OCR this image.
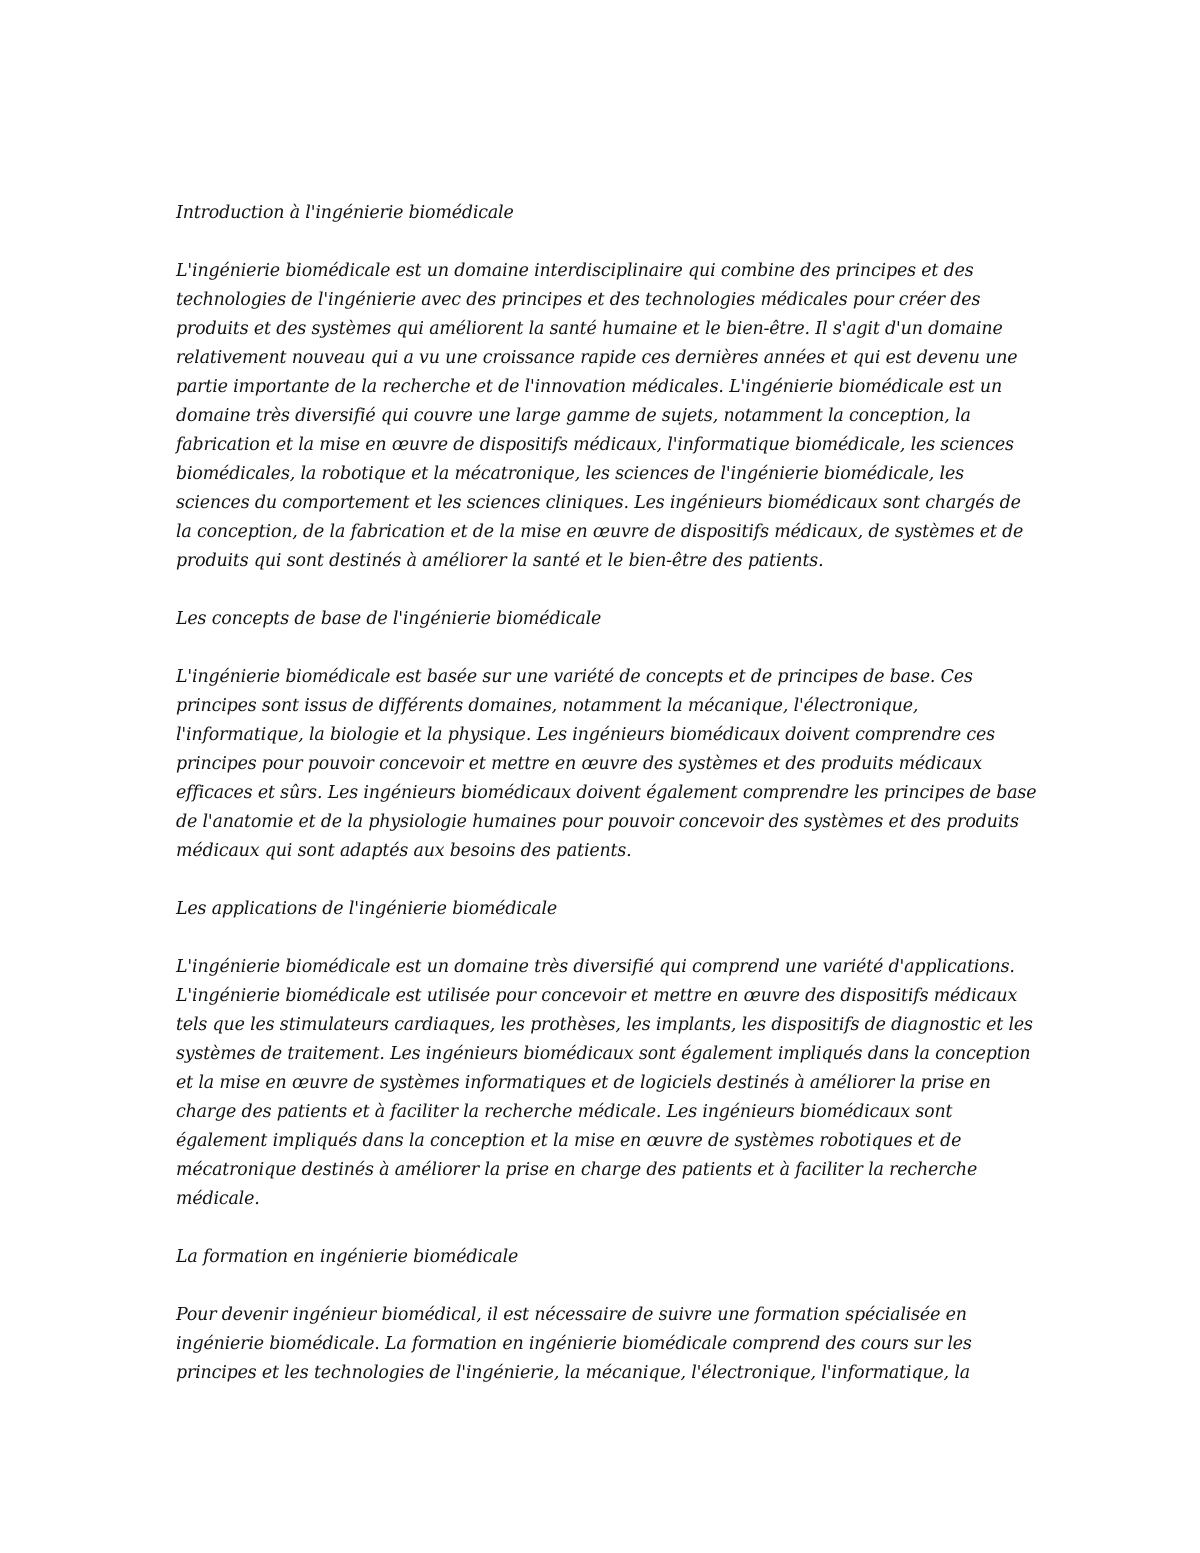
Introduction à l'ingénierie biomédicale

L'ingénierie biomédicale est un domaine interdisciplinaire qui combine des principes et des technologies de l'ingénierie avec des principes et des technologies médicales pour créer des produits et des systèmes qui améliorent la santé humaine et le bien-être. Il s'agit d'un domaine relativement nouveau qui a vu une croissance rapide ces dernières années et qui est devenu une partie importante de la recherche et de l'innovation médicales. L'ingénierie biomédicale est un domaine très diversifié qui couvre une large gamme de sujets, notamment la conception, la fabrication et la mise en œuvre de dispositifs médicaux, l'informatique biomédicale, les sciences biomédicales, la robotique et la mécatronique, les sciences de l'ingénierie biomédicale, les sciences du comportement et les sciences cliniques. Les ingénieurs biomédicaux sont chargés de la conception, de la fabrication et de la mise en œuvre de dispositifs médicaux, de systèmes et de produits qui sont destinés à améliorer la santé et le bien-être des patients.

Les concepts de base de l'ingénierie biomédicale

L'ingénierie biomédicale est basée sur une variété de concepts et de principes de base. Ces principes sont issus de différents domaines, notamment la mécanique, l'électronique, l'informatique, la biologie et la physique. Les ingénieurs biomédicaux doivent comprendre ces principes pour pouvoir concevoir et mettre en œuvre des systèmes et des produits médicaux efficaces et sûrs. Les ingénieurs biomédicaux doivent également comprendre les principes de base de l'anatomie et de la physiologie humaines pour pouvoir concevoir des systèmes et des produits médicaux qui sont adaptés aux besoins des patients.

Les applications de l'ingénierie biomédicale

L'ingénierie biomédicale est un domaine très diversifié qui comprend une variété d'applications. L'ingénierie biomédicale est utilisée pour concevoir et mettre en œuvre des dispositifs médicaux tels que les stimulateurs cardiaques, les prothèses, les implants, les dispositifs de diagnostic et les systèmes de traitement. Les ingénieurs biomédicaux sont également impliqués dans la conception et la mise en œuvre de systèmes informatiques et de logiciels destinés à améliorer la prise en charge des patients et à faciliter la recherche médicale. Les ingénieurs biomédicaux sont également impliqués dans la conception et la mise en œuvre de systèmes robotiques et de mécatronique destinés à améliorer la prise en charge des patients et à faciliter la recherche médicale.

La formation en ingénierie biomédicale

Pour devenir ingénieur biomédical, il est nécessaire de suivre une formation spécialisée en ingénierie biomédicale. La formation en ingénierie biomédicale comprend des cours sur les principes et les technologies de l'ingénierie, la mécanique, l'électronique, l'informatique, la
